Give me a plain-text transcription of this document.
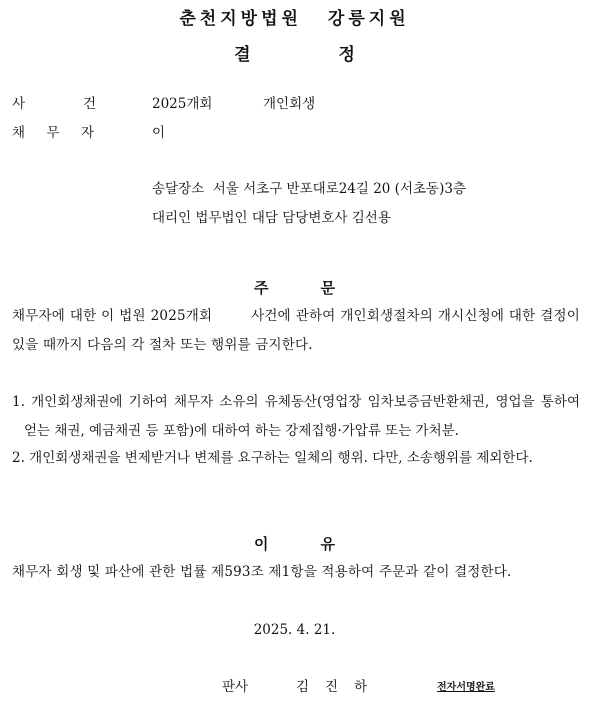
춘천지방법원 강릉지원
결	정
사	건	2025개회	개인회생
채 무 자	이
송달장소  서울 서초구 반포대로24길 20 (서초동)3층
대리인 법무법인 대담 담당변호사 김선용
주	문
채무자에 대한 이 법원 2025개회        사건에 관하여 개인회생절차의 개시신청에 대한 결정이 있을 때까지 다음의 각 절차 또는 행위를 금지한다.
1. 개인회생채권에 기하여 채무자 소유의 유체동산(영업장 임차보증금반환채권, 영업을 통하여 얻는 채권, 예금채권 등 포함)에 대하여 하는 강제집행·가압류 또는 가처분.
2. 개인회생채권을 변제받거나 변제를 요구하는 일체의 행위. 다만, 소송행위를 제외한다.
이	유
채무자 회생 및 파산에 관한 법률 제593조 제1항을 적용하여 주문과 같이 결정한다.
2025. 4. 21.
판사	김 진 하	전자서명완료
